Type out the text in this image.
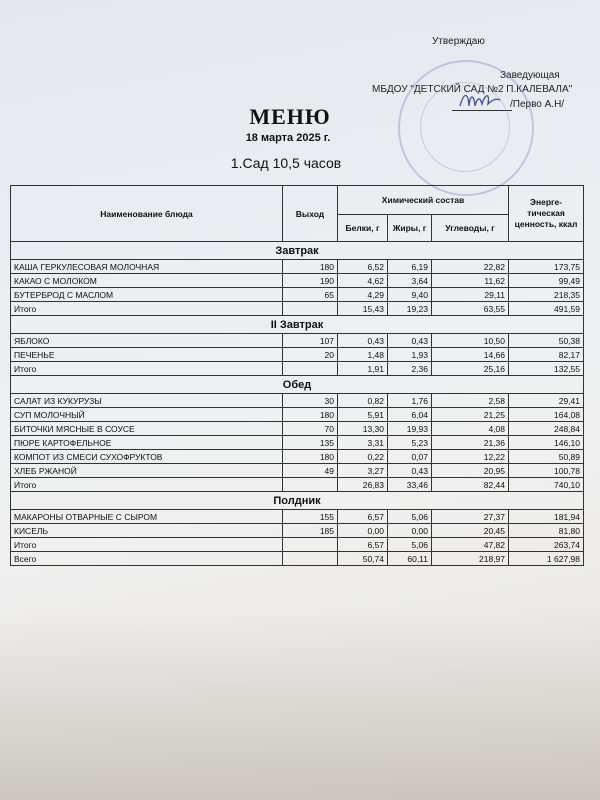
Утверждаю
Заведующая
МБДОУ "ДЕТСКИЙ САД №2 П.КАЛЕВАЛА"
/Перво А.Н/
МЕНЮ
18 марта 2025 г.
1.Сад 10,5 часов
Наименование блюда	Выход	Химический состав			Энерге-тическая ценность, ккал
		Белки, г	Жиры, г	Углеводы, г	
Завтрак					
КАША ГЕРКУЛЕСОВАЯ МОЛОЧНАЯ	180	6,52	6,19	22,82	173,75
КАКАО С МОЛОКОМ	190	4,62	3,64	11,62	99,49
БУТЕРБРОД С МАСЛОМ	65	4,29	9,40	29,11	218,35
Итого		15,43	19,23	63,55	491,59
II Завтрак					
ЯБЛОКО	107	0,43	0,43	10,50	50,38
ПЕЧЕНЬЕ	20	1,48	1,93	14,66	82,17
Итого		1,91	2,36	25,16	132,55
Обед					
САЛАТ ИЗ КУКУРУЗЫ	30	0,82	1,76	2,58	29,41
СУП МОЛОЧНЫЙ	180	5,91	6,04	21,25	164,08
БИТОЧКИ МЯСНЫЕ В СОУСЕ	70	13,30	19,93	4,08	248,84
ПЮРЕ КАРТОФЕЛЬНОЕ	135	3,31	5,23	21,36	146,10
КОМПОТ ИЗ СМЕСИ СУХОФРУКТОВ	180	0,22	0,07	12,22	50,89
ХЛЕБ РЖАНОЙ	49	3,27	0,43	20,95	100,78
Итого		26,83	33,46	82,44	740,10
Полдник					
МАКАРОНЫ ОТВАРНЫЕ С СЫРОМ	155	6,57	5,06	27,37	181,94
КИСЕЛЬ	185	0,00	0,00	20,45	81,80
Итого		6,57	5,06	47,82	263,74
Всего		50,74	60,11	218,97	1 627,98
